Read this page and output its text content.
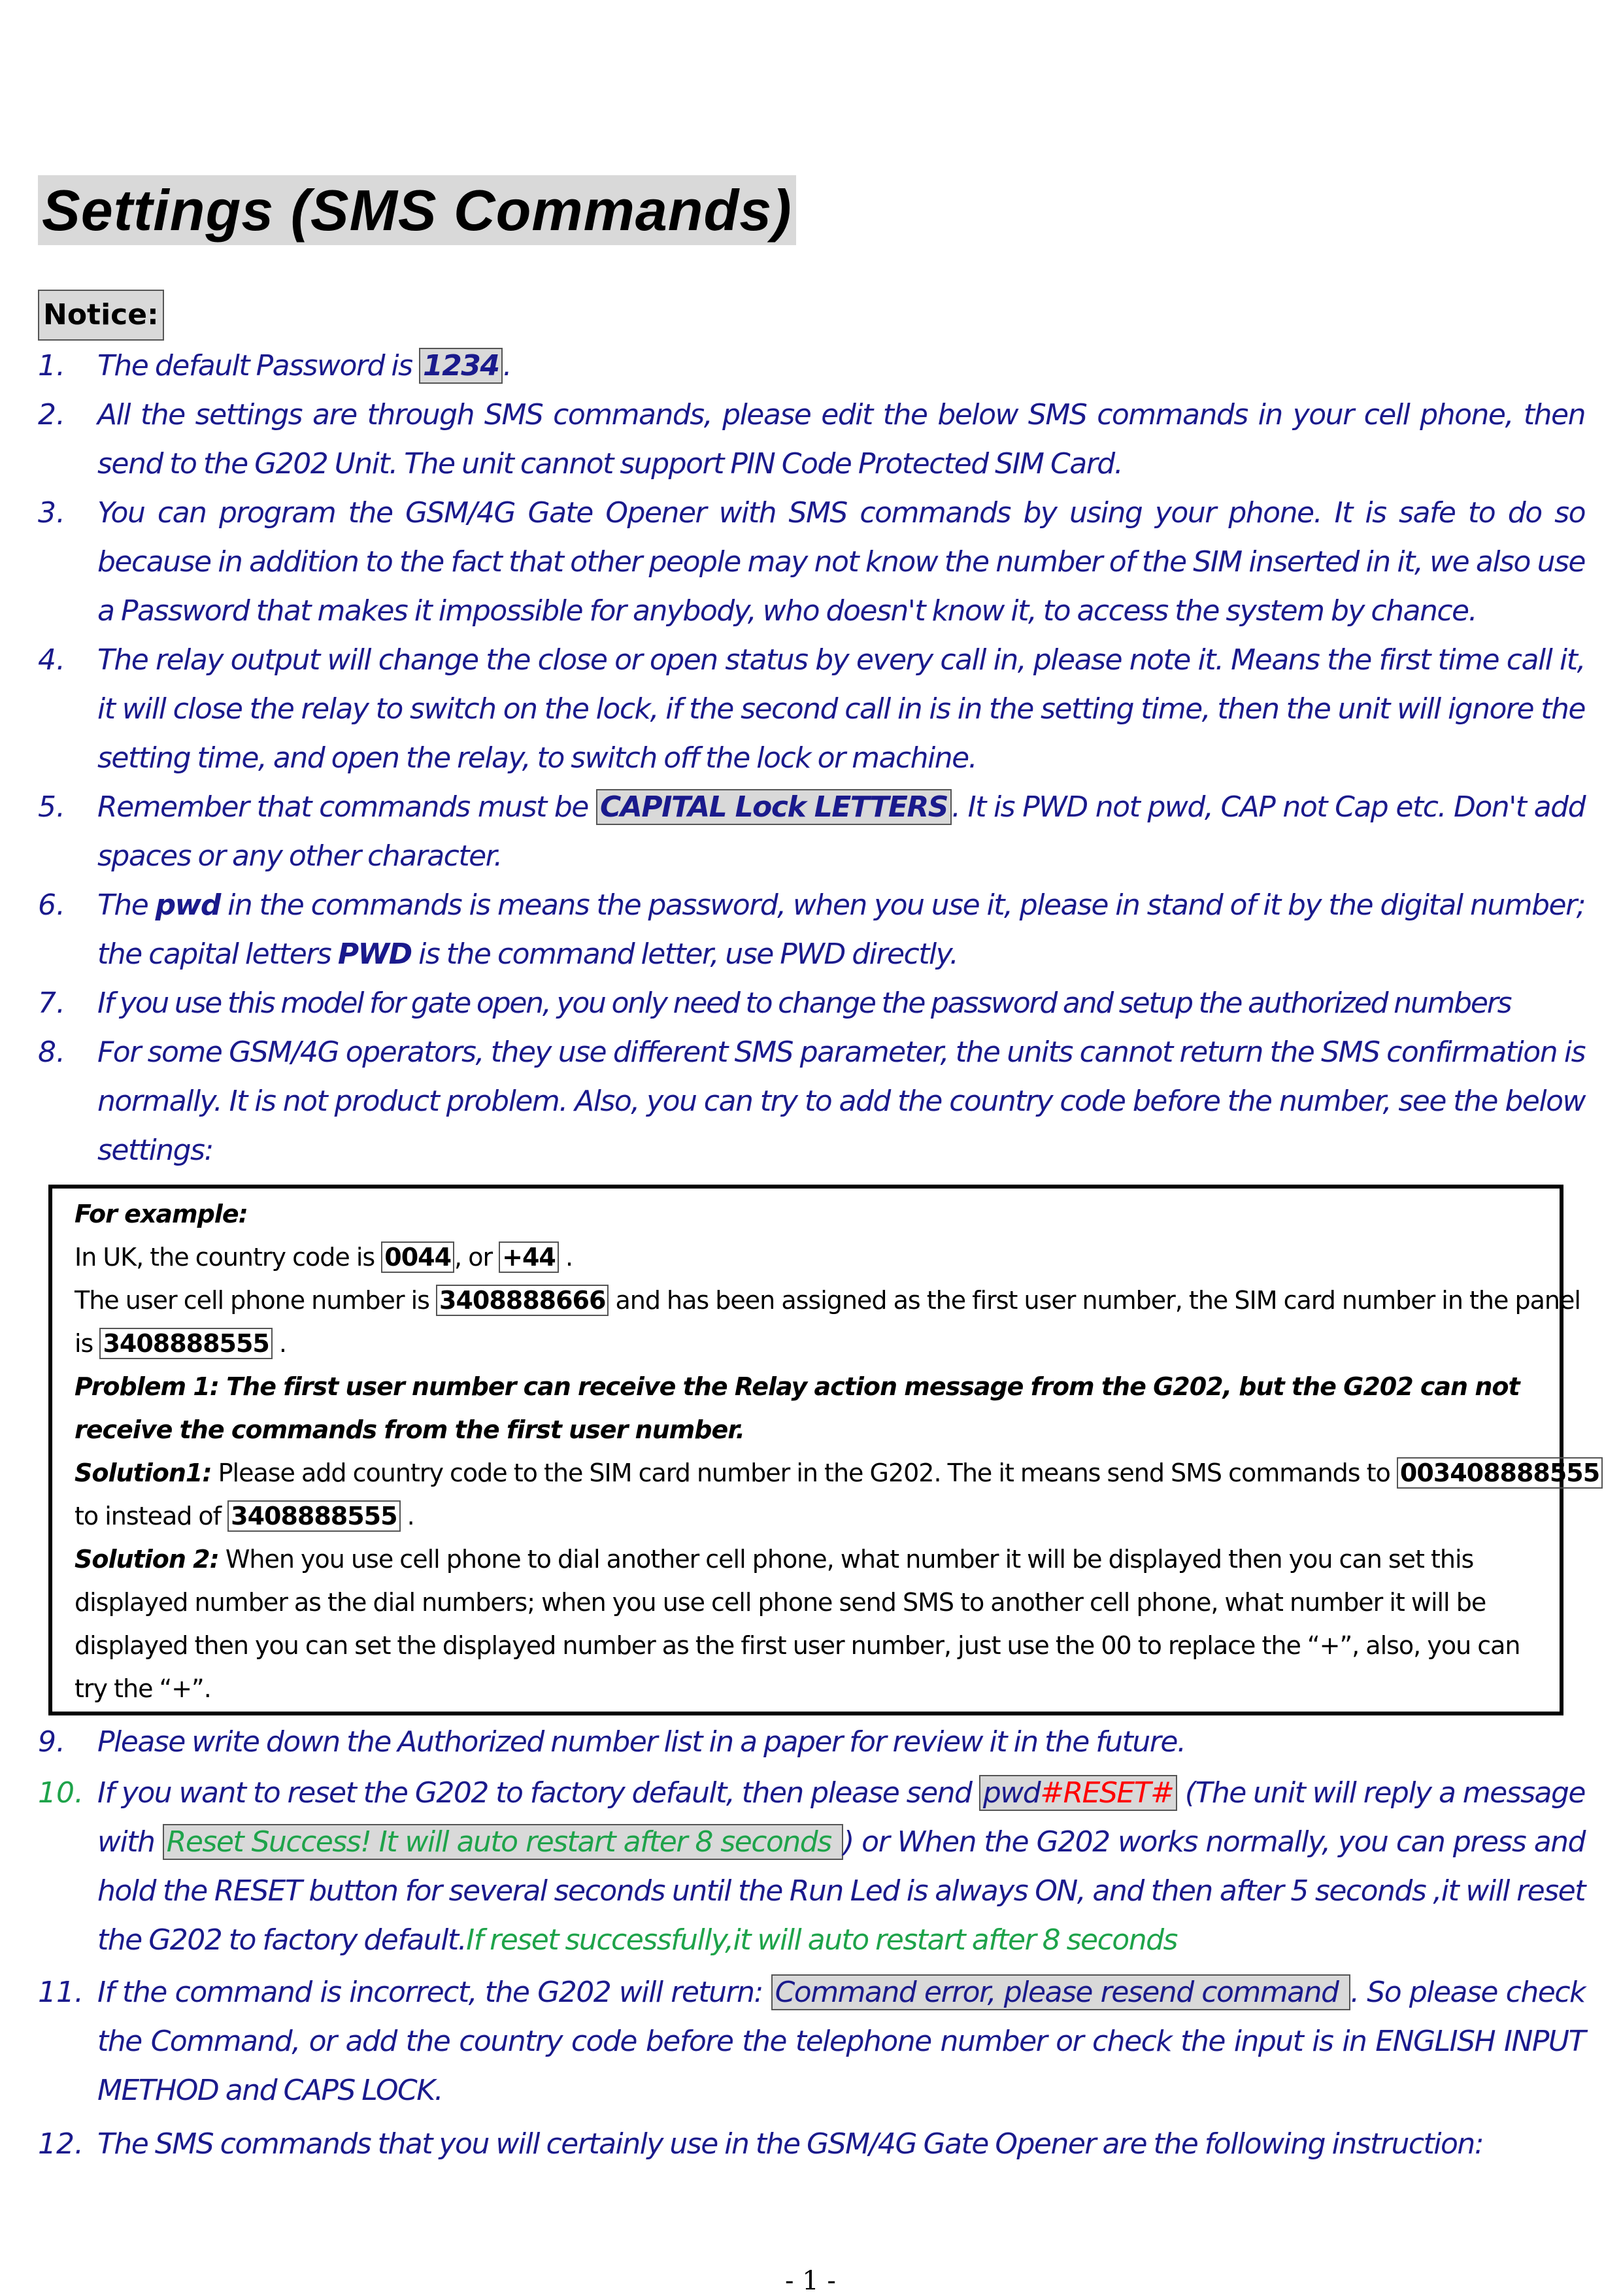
Settings (SMS Commands)
Notice:
1.	The default Password is 1234 .
2.	All the settings are through SMS commands, please edit the below SMS commands in your cell phone, then send to the G202 Unit. The unit cannot support PIN Code Protected SIM Card.
3.	You can program the GSM/4G Gate Opener with SMS commands by using your phone. It is safe to do so because in addition to the fact that other people may not know the number of the SIM inserted in it, we also use a Password that makes it impossible for anybody, who doesn't know it, to access the system by chance.
4.	The relay output will change the close or open status by every call in, please note it. Means the first time call it, it will close the relay to switch on the lock, if the second call in is in the setting time, then the unit will ignore the setting time, and open the relay, to switch off the lock or machine.
5.	Remember that commands must be CAPITAL Lock LETTERS . It is PWD not pwd, CAP not Cap etc. Don't add spaces or any other character.
6.	The pwd in the commands is means the password, when you use it, please in stand of it by the digital number; the capital letters PWD is the command letter, use PWD directly.
7.	If you use this model for gate open, you only need to change the password and setup the authorized numbers
8.	For some GSM/4G operators, they use different SMS parameter, the units cannot return the SMS confirmation is normally. It is not product problem. Also, you can try to add the country code before the number, see the below settings:
For example:
In UK, the country code is 0044 , or +44 .
The user cell phone number is 3408888666 and has been assigned as the first user number, the SIM card number in the panel
is 3408888555 .
Problem 1: The first user number can receive the Relay action message from the G202, but the G202 can not receive the commands from the first user number.
Solution1: Please add country code to the SIM card number in the G202. The it means send SMS commands to 003408888555
to instead of 3408888555 .
Solution 2: When you use cell phone to dial another cell phone, what number it will be displayed then you can set this displayed number as the dial numbers; when you use cell phone send SMS to another cell phone, what number it will be displayed then you can set the displayed number as the first user number, just use the 00 to replace the “+”, also, you can try the “+”.
9.	Please write down the Authorized number list in a paper for review it in the future.
10. If you want to reset the G202 to factory default, then please send pwd#RESET# (The unit will reply a message with Reset Success! It will auto restart after 8 seconds ) or When the G202 works normally, you can press and hold the RESET button for several seconds until the Run Led is always ON, and then after 5 seconds ,it will reset the G202 to factory default.If reset successfully,it will auto restart after 8 seconds
11. If the command is incorrect, the G202 will return: Command error, please resend command . So please check the Command, or add the country code before the telephone number or check the input is in ENGLISH INPUT METHOD and CAPS LOCK.
12. The SMS commands that you will certainly use in the GSM/4G Gate Opener are the following instruction:
- 1 -
